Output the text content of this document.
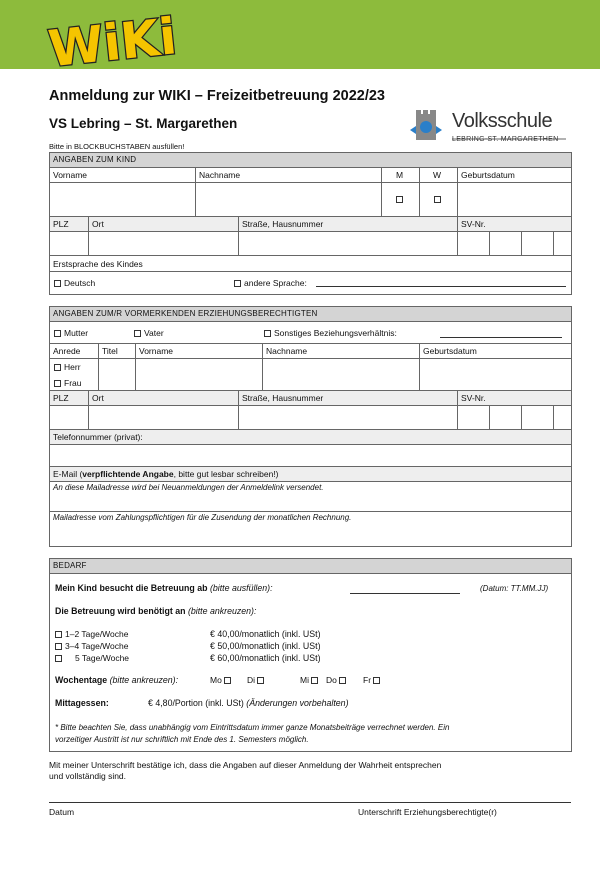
WiKi
Anmeldung zur WIKI – Freizeitbetreuung 2022/23
VS Lebring – St. Margarethen	Volksschule
LEBRING-ST. MARGARETHEN
Bitte in BLOCKBUCHSTABEN ausfüllen!
ANGABEN ZUM KIND
Vorname	Nachname	M	W Geburtsdatum
PLZ	Ort	Straße, Hausnummer	SV-Nr.
Erstsprache des Kindes
Deutsch	andere Sprache:
ANGABEN ZUM/R VORMERKENDEN ERZIEHUNGSBERECHTIGTEN
Mutter	Vater	Sonstiges Beziehungsverhältnis:
Anrede	Titel	Vorname	Nachname	Geburtsdatum
Herr
Frau
PLZ	Ort	Straße, Hausnummer	SV-Nr.
Telefonnummer (privat):
E-Mail (verpflichtende Angabe, bitte gut lesbar schreiben!)
An diese Mailadresse wird bei Neuanmeldungen der Anmeldelink versendet.
Mailadresse vom Zahlungspflichtigen für die Zusendung der monatlichen Rechnung.
BEDARF
Mein Kind besucht die Betreuung ab (bitte ausfüllen):	(Datum: TT.MM.JJ)
Die Betreuung wird benötigt an (bitte ankreuzen):
1–2 Tage/Woche	€ 40,00/monatlich (inkl. USt)
3–4 Tage/Woche	€ 50,00/monatlich (inkl. USt)
5 Tage/Woche	€ 60,00/monatlich (inkl. USt)
Wochentage (bitte ankreuzen):	Mo	Di	Mi	Do	Fr
Mittagessen:	€ 4,80/Portion (inkl. USt) (Änderungen vorbehalten)
* Bitte beachten Sie, dass unabhängig vom Eintrittsdatum immer ganze Monatsbeiträge verrechnet werden. Ein
vorzeitiger Austritt ist nur schriftlich mit Ende des 1. Semesters möglich.
Mit meiner Unterschrift bestätige ich, dass die Angaben auf dieser Anmeldung der Wahrheit entsprechen
und vollständig sind.
Datum	Unterschrift Erziehungsberechtigte(r)
